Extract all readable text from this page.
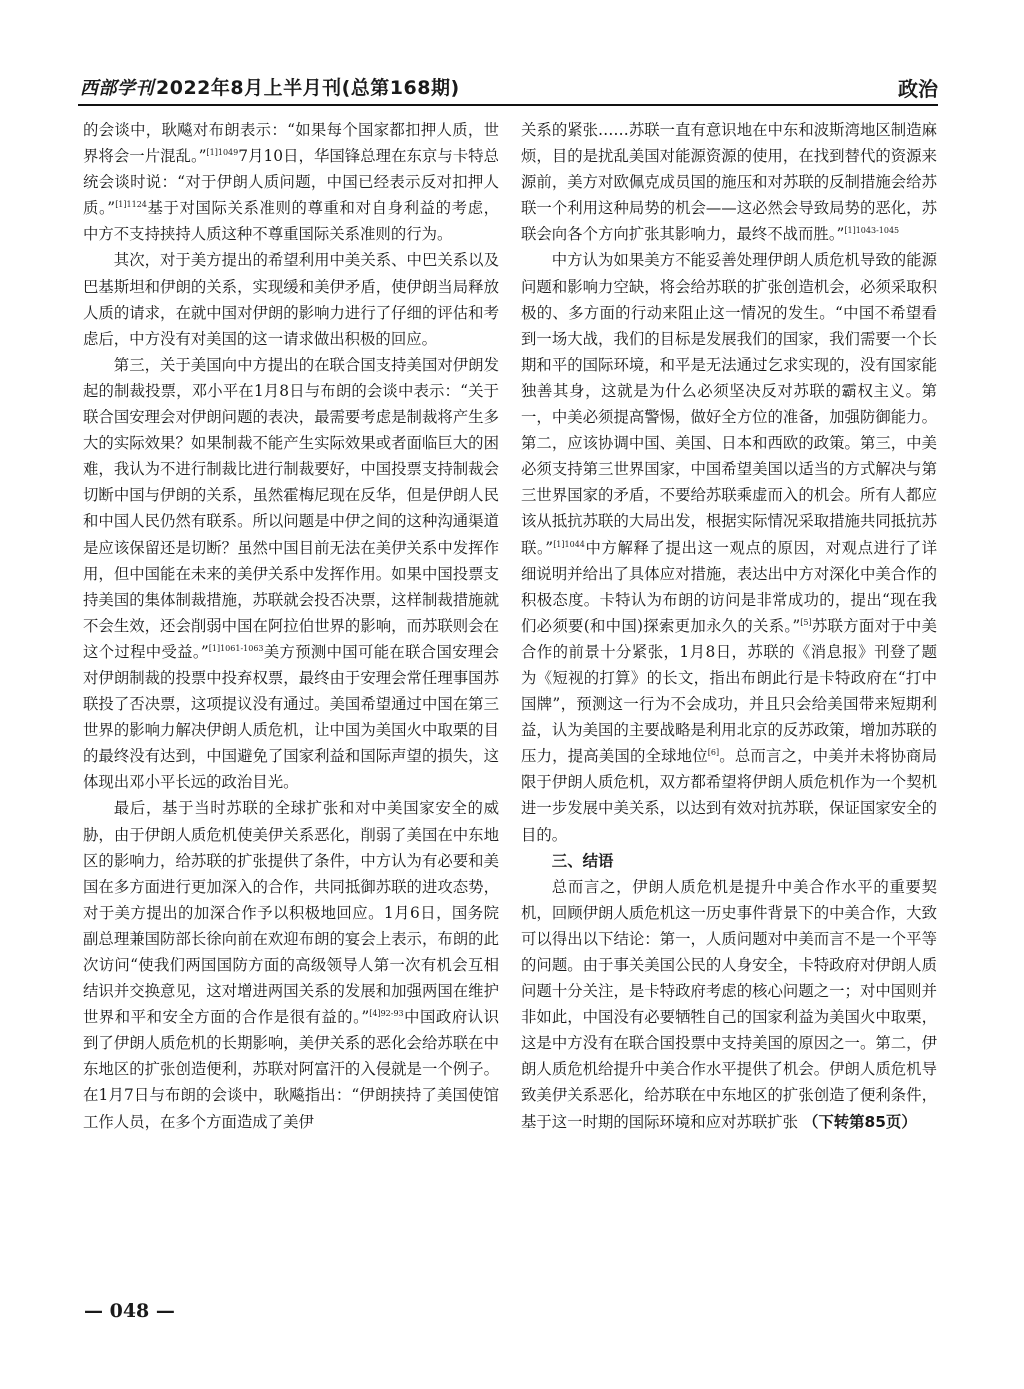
西部学刊 2022年8月上半月刊(总第168期)	政治

的会谈中，耿飚对布朗表示：“如果每个国家都扣押人质，世界将会一片混乱。”$^{[1]1049}$7月10日，华国锋总理在东京与卡特总统会谈时说：“对于伊朗人质问题，中国已经表示反对扣押人质。”$^{[1]1124}$基于对国际关系准则的尊重和对自身利益的考虑，中方不支持挟持人质这种不尊重国际关系准则的行为。

其次，对于美方提出的希望利用中美关系、中巴关系以及巴基斯坦和伊朗的关系，实现缓和美伊矛盾，使伊朗当局释放人质的请求，在就中国对伊朗的影响力进行了仔细的评估和考虑后，中方没有对美国的这一请求做出积极的回应。

第三，关于美国向中方提出的在联合国支持美国对伊朗发起的制裁投票，邓小平在1月8日与布朗的会谈中表示：“关于联合国安理会对伊朗问题的表决，最需要考虑是制裁将产生多大的实际效果？如果制裁不能产生实际效果或者面临巨大的困难，我认为不进行制裁比进行制裁要好，中国投票支持制裁会切断中国与伊朗的关系，虽然霍梅尼现在反华，但是伊朗人民和中国人民仍然有联系。所以问题是中伊之间的这种沟通渠道是应该保留还是切断？虽然中国目前无法在美伊关系中发挥作用，但中国能在未来的美伊关系中发挥作用。如果中国投票支持美国的集体制裁措施，苏联就会投否决票，这样制裁措施就不会生效，还会削弱中国在阿拉伯世界的影响，而苏联则会在这个过程中受益。”$^{[1]1061-1063}$美方预测中国可能在联合国安理会对伊朗制裁的投票中投弃权票，最终由于安理会常任理事国苏联投了否决票，这项提议没有通过。美国希望通过中国在第三世界的影响力解决伊朗人质危机，让中国为美国火中取栗的目的最终没有达到，中国避免了国家利益和国际声望的损失，这体现出邓小平长远的政治目光。

最后，基于当时苏联的全球扩张和对中美国家安全的威胁，由于伊朗人质危机使美伊关系恶化，削弱了美国在中东地区的影响力，给苏联的扩张提供了条件，中方认为有必要和美国在多方面进行更加深入的合作，共同抵御苏联的进攻态势，对于美方提出的加深合作予以积极地回应。1月6日，国务院副总理兼国防部长徐向前在欢迎布朗的宴会上表示，布朗的此次访问“使我们两国国防方面的高级领导人第一次有机会互相结识并交换意见，这对增进两国关系的发展和加强两国在维护世界和平和安全方面的合作是很有益的。”$^{[4]92-93}$中国政府认识到了伊朗人质危机的长期影响，美伊关系的恶化会给苏联在中东地区的扩张创造便利，苏联对阿富汗的入侵就是一个例子。在1月7日与布朗的会谈中，耿飚指出：“伊朗挟持了美国使馆工作人员，在多个方面造成了美伊

关系的紧张……苏联一直有意识地在中东和波斯湾地区制造麻烦，目的是扰乱美国对能源资源的使用，在找到替代的资源来源前，美方对欧佩克成员国的施压和对苏联的反制措施会给苏联一个利用这种局势的机会——这必然会导致局势的恶化，苏联会向各个方向扩张其影响力，最终不战而胜。”$^{[1]1043-1045}$

中方认为如果美方不能妥善处理伊朗人质危机导致的能源问题和影响力空缺，将会给苏联的扩张创造机会，必须采取积极的、多方面的行动来阻止这一情况的发生。“中国不希望看到一场大战，我们的目标是发展我们的国家，我们需要一个长期和平的国际环境，和平是无法通过乞求实现的，没有国家能独善其身，这就是为什么必须坚决反对苏联的霸权主义。第一，中美必须提高警惕，做好全方位的准备，加强防御能力。第二，应该协调中国、美国、日本和西欧的政策。第三，中美必须支持第三世界国家，中国希望美国以适当的方式解决与第三世界国家的矛盾，不要给苏联乘虚而入的机会。所有人都应该从抵抗苏联的大局出发，根据实际情况采取措施共同抵抗苏联。”$^{[1]1044}$中方解释了提出这一观点的原因，对观点进行了详细说明并给出了具体应对措施，表达出中方对深化中美合作的积极态度。卡特认为布朗的访问是非常成功的，提出“现在我们必须要(和中国)探索更加永久的关系。”[5]苏联方面对于中美合作的前景十分紧张，1月8日，苏联的《消息报》刊登了题为《短视的打算》的长文，指出布朗此行是卡特政府在“打中国牌”，预测这一行为不会成功，并且只会给美国带来短期利益，认为美国的主要战略是利用北京的反苏政策，增加苏联的压力，提高美国的全球地位[6]。总而言之，中美并未将协商局限于伊朗人质危机，双方都希望将伊朗人质危机作为一个契机进一步发展中美关系，以达到有效对抗苏联，保证国家安全的目的。

三、结语

总而言之，伊朗人质危机是提升中美合作水平的重要契机，回顾伊朗人质危机这一历史事件背景下的中美合作，大致可以得出以下结论：第一，人质问题对中美而言不是一个平等的问题。由于事关美国公民的人身安全，卡特政府对伊朗人质问题十分关注，是卡特政府考虑的核心问题之一；对中国则并非如此，中国没有必要牺牲自己的国家利益为美国火中取栗，这是中方没有在联合国投票中支持美国的原因之一。第二，伊朗人质危机给提升中美合作水平提供了机会。伊朗人质危机导致美伊关系恶化，给苏联在中东地区的扩张创造了便利条件，基于这一时期的国际环境和应对苏联扩张 （下转第85页）

— 048 —
